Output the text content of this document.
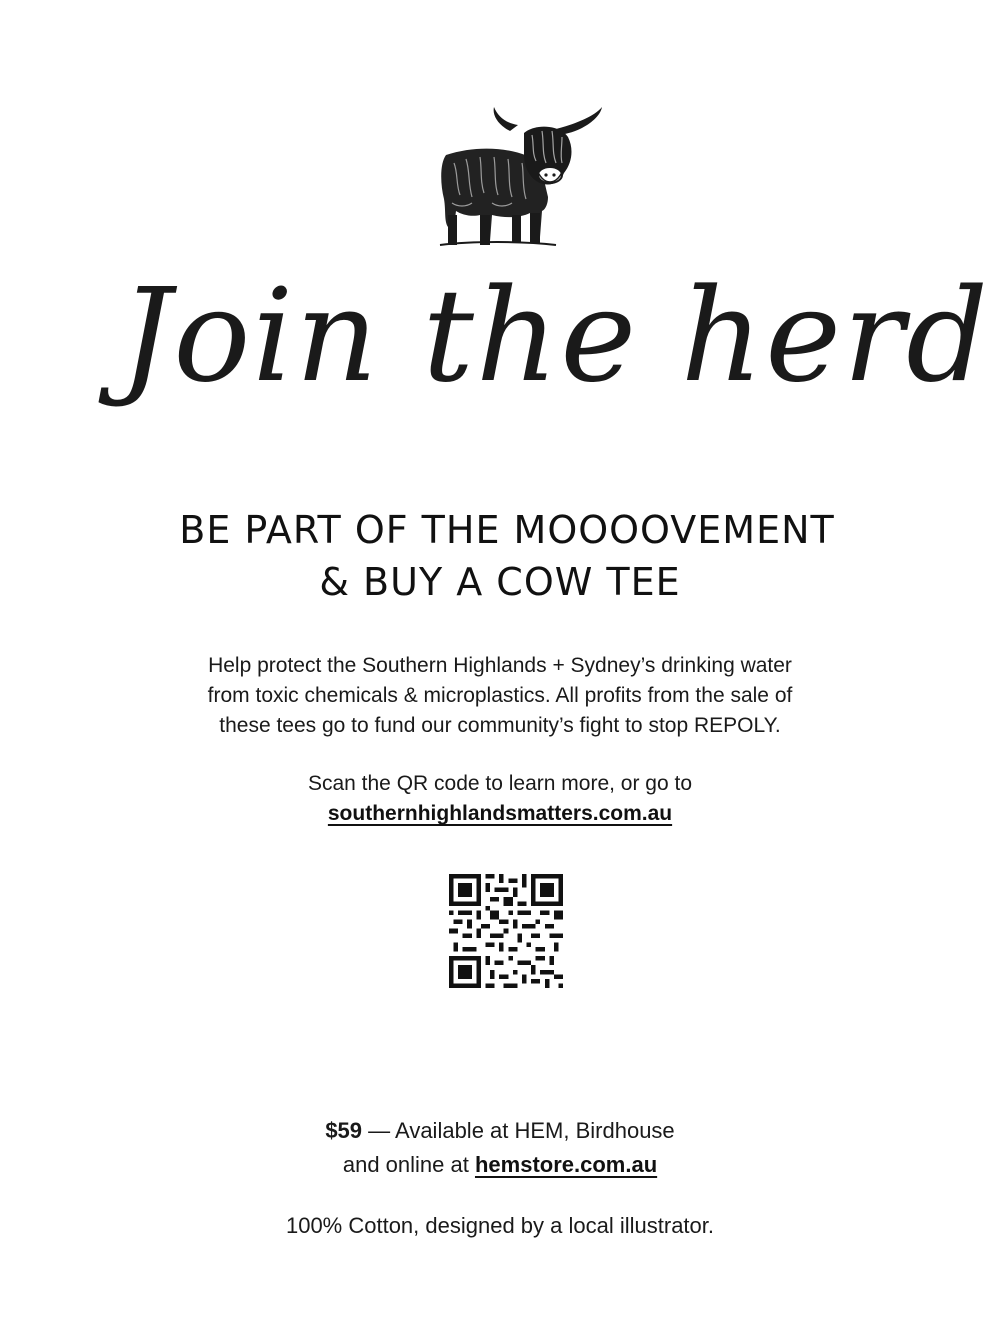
Join the herd
BE PART OF THE MOOOOVEMENT
& BUY A COW TEE
Help protect the Southern Highlands + Sydney’s drinking water
from toxic chemicals & microplastics. All profits from the sale of
these tees go to fund our community’s fight to stop REPOLY.
Scan the QR code to learn more, or go to
southernhighlandsmatters.com.au
$59 — Available at HEM, Birdhouse
and online at hemstore.com.au
100% Cotton, designed by a local illustrator.
